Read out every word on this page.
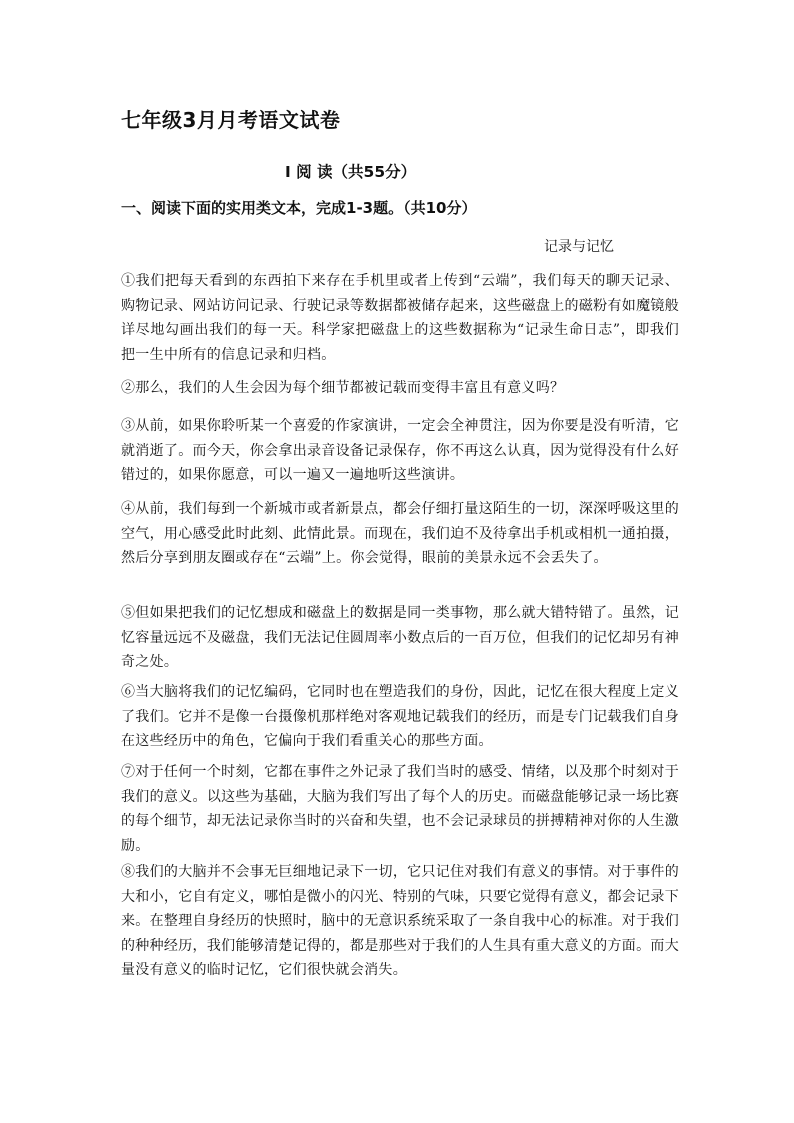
七年级3月月考语文试卷
Ⅰ 阅 读（共55分）
一、阅读下面的实用类文本，完成1-3题。（共10分）
记录与记忆

①我们把每天看到的东西拍下来存在手机里或者上传到“云端”，我们每天的聊天记录、购物记录、网站访问记录、行驶记录等数据都被储存起来，这些磁盘上的磁粉有如魔镜般详尽地勾画出我们的每一天。科学家把磁盘上的这些数据称为“记录生命日志”，即我们把一生中所有的信息记录和归档。

②那么，我们的人生会因为每个细节都被记载而变得丰富且有意义吗？

③从前，如果你聆听某一个喜爱的作家演讲，一定会全神贯注，因为你要是没有听清，它就消逝了。而今天，你会拿出录音设备记录保存，你不再这么认真，因为觉得没有什么好错过的，如果你愿意，可以一遍又一遍地听这些演讲。

④从前，我们每到一个新城市或者新景点，都会仔细打量这陌生的一切，深深呼吸这里的空气，用心感受此时此刻、此情此景。而现在，我们迫不及待拿出手机或相机一通拍摄，然后分享到朋友圈或存在“云端”上。你会觉得，眼前的美景永远不会丢失了。

⑤但如果把我们的记忆想成和磁盘上的数据是同一类事物，那么就大错特错了。虽然，记忆容量远远不及磁盘，我们无法记住圆周率小数点后的一百万位，但我们的记忆却另有神奇之处。

⑥当大脑将我们的记忆编码，它同时也在塑造我们的身份，因此，记忆在很大程度上定义了我们。它并不是像一台摄像机那样绝对客观地记载我们的经历，而是专门记载我们自身在这些经历中的角色，它偏向于我们看重关心的那些方面。

⑦对于任何一个时刻，它都在事件之外记录了我们当时的感受、情绪，以及那个时刻对于我们的意义。以这些为基础，大脑为我们写出了每个人的历史。而磁盘能够记录一场比赛的每个细节，却无法记录你当时的兴奋和失望，也不会记录球员的拼搏精神对你的人生激励。

⑧我们的大脑并不会事无巨细地记录下一切，它只记住对我们有意义的事情。对于事件的大和小，它自有定义，哪怕是微小的闪光、特别的气味，只要它觉得有意义，都会记录下来。在整理自身经历的快照时，脑中的无意识系统采取了一条自我中心的标准。对于我们的种种经历，我们能够清楚记得的，都是那些对于我们的人生具有重大意义的方面。而大量没有意义的临时记忆，它们很快就会消失。
